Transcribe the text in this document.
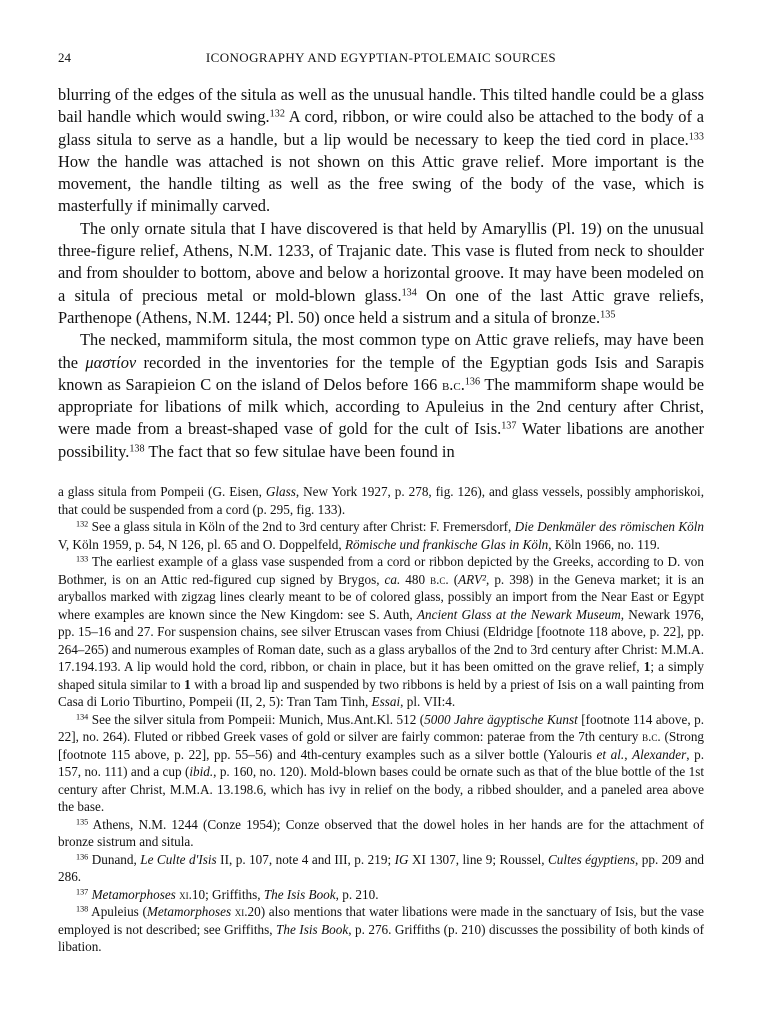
24	ICONOGRAPHY AND EGYPTIAN-PTOLEMAIC SOURCES

blurring of the edges of the situla as well as the unusual handle. This tilted handle could be a glass bail handle which would swing.$^{132}$ A cord, ribbon, or wire could also be attached to the body of a glass situla to serve as a handle, but a lip would be necessary to keep the tied cord in place.$^{133}$ How the handle was attached is not shown on this Attic grave relief. More important is the movement, the handle tilting as well as the free swing of the body of the vase, which is masterfully if minimally carved.

The only ornate situla that I have discovered is that held by Amaryllis (Pl. 19) on the unusual three-figure relief, Athens, N.M. 1233, of Trajanic date. This vase is fluted from neck to shoulder and from shoulder to bottom, above and below a horizontal groove. It may have been modeled on a situla of precious metal or mold-blown glass.$^{134}$ On one of the last Attic grave reliefs, Parthenope (Athens, N.M. 1244; Pl. 50) once held a sistrum and a situla of bronze.$^{135}$

The necked, mammiform situla, the most common type on Attic grave reliefs, may have been the μαστίον recorded in the inventories for the temple of the Egyptian gods Isis and Sarapis known as Sarapieion C on the island of Delos before 166 b.c.$^{136}$ The mammiform shape would be appropriate for libations of milk which, according to Apuleius in the 2nd century after Christ, were made from a breast-shaped vase of gold for the cult of Isis.$^{137}$ Water libations are another possibility.$^{138}$ The fact that so few situlae have been found in

a glass situla from Pompeii (G. Eisen, Glass, New York 1927, p. 278, fig. 126), and glass vessels, possibly amphoriskoi, that could be suspended from a cord (p. 295, fig. 133).

$^{132}$ See a glass situla in Köln of the 2nd to 3rd century after Christ: F. Fremersdorf, Die Denkmäler des römischen Köln V, Köln 1959, p. 54, N 126, pl. 65 and O. Doppelfeld, Römische und frankische Glas in Köln, Köln 1966, no. 119.

$^{133}$ The earliest example of a glass vase suspended from a cord or ribbon depicted by the Greeks, according to D. von Bothmer, is on an Attic red-figured cup signed by Brygos, ca. 480 b.c. (ARV², p. 398) in the Geneva market; it is an aryballos marked with zigzag lines clearly meant to be of colored glass, possibly an import from the Near East or Egypt where examples are known since the New Kingdom: see S. Auth, Ancient Glass at the Newark Museum, Newark 1976, pp. 15–16 and 27. For suspension chains, see silver Etruscan vases from Chiusi (Eldridge [footnote 118 above, p. 22], pp. 264–265) and numerous examples of Roman date, such as a glass aryballos of the 2nd to 3rd century after Christ: M.M.A. 17.194.193. A lip would hold the cord, ribbon, or chain in place, but it has been omitted on the grave relief, 1; a simply shaped situla similar to 1 with a broad lip and suspended by two ribbons is held by a priest of Isis on a wall painting from Casa di Lorio Tiburtino, Pompeii (II, 2, 5): Tran Tam Tinh, Essai, pl. VII:4.

$^{134}$ See the silver situla from Pompeii: Munich, Mus.Ant.Kl. 512 (5000 Jahre ägyptische Kunst [footnote 114 above, p. 22], no. 264). Fluted or ribbed Greek vases of gold or silver are fairly common: paterae from the 7th century b.c. (Strong [footnote 115 above, p. 22], pp. 55–56) and 4th-century examples such as a silver bottle (Yalouris et al., Alexander, p. 157, no. 111) and a cup (ibid., p. 160, no. 120). Mold-blown bases could be ornate such as that of the blue bottle of the 1st century after Christ, M.M.A. 13.198.6, which has ivy in relief on the body, a ribbed shoulder, and a paneled area above the base.

$^{135}$ Athens, N.M. 1244 (Conze 1954); Conze observed that the dowel holes in her hands are for the attachment of bronze sistrum and situla.

$^{136}$ Dunand, Le Culte d'Isis II, p. 107, note 4 and III, p. 219; IG XI 1307, line 9; Roussel, Cultes égyptiens, pp. 209 and 286.

$^{137}$ Metamorphoses xi.10; Griffiths, The Isis Book, p. 210.

$^{138}$ Apuleius (Metamorphoses xi.20) also mentions that water libations were made in the sanctuary of Isis, but the vase employed is not described; see Griffiths, The Isis Book, p. 276. Griffiths (p. 210) discusses the possibility of both kinds of libation.
